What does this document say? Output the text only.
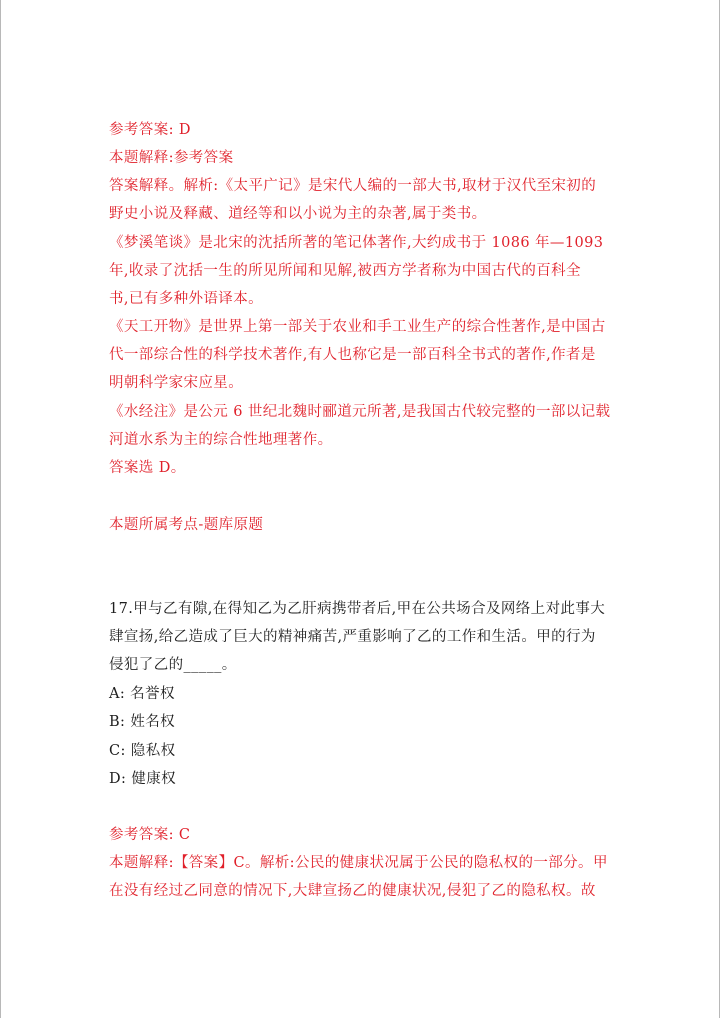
参考答案: D
本题解释:参考答案
答案解释。解析:《太平广记》是宋代人编的一部大书,取材于汉代至宋初的
野史小说及释藏、道经等和以小说为主的杂著,属于类书。
《梦溪笔谈》是北宋的沈括所著的笔记体著作,大约成书于 1086 年—1093
年,收录了沈括一生的所见所闻和见解,被西方学者称为中国古代的百科全
书,已有多种外语译本。
《天工开物》是世界上第一部关于农业和手工业生产的综合性著作,是中国古
代一部综合性的科学技术著作,有人也称它是一部百科全书式的著作,作者是
明朝科学家宋应星。
《水经注》是公元 6 世纪北魏时郦道元所著,是我国古代较完整的一部以记载
河道水系为主的综合性地理著作。
答案选 D。
本题所属考点-题库原题
17.甲与乙有隙,在得知乙为乙肝病携带者后,甲在公共场合及网络上对此事大
肆宣扬,给乙造成了巨大的精神痛苦,严重影响了乙的工作和生活。甲的行为
侵犯了乙的_____。
A: 名誉权
B: 姓名权
C: 隐私权
D: 健康权
参考答案: C
本题解释:【答案】C。解析:公民的健康状况属于公民的隐私权的一部分。甲
在没有经过乙同意的情况下,大肆宣扬乙的健康状况,侵犯了乙的隐私权。故
